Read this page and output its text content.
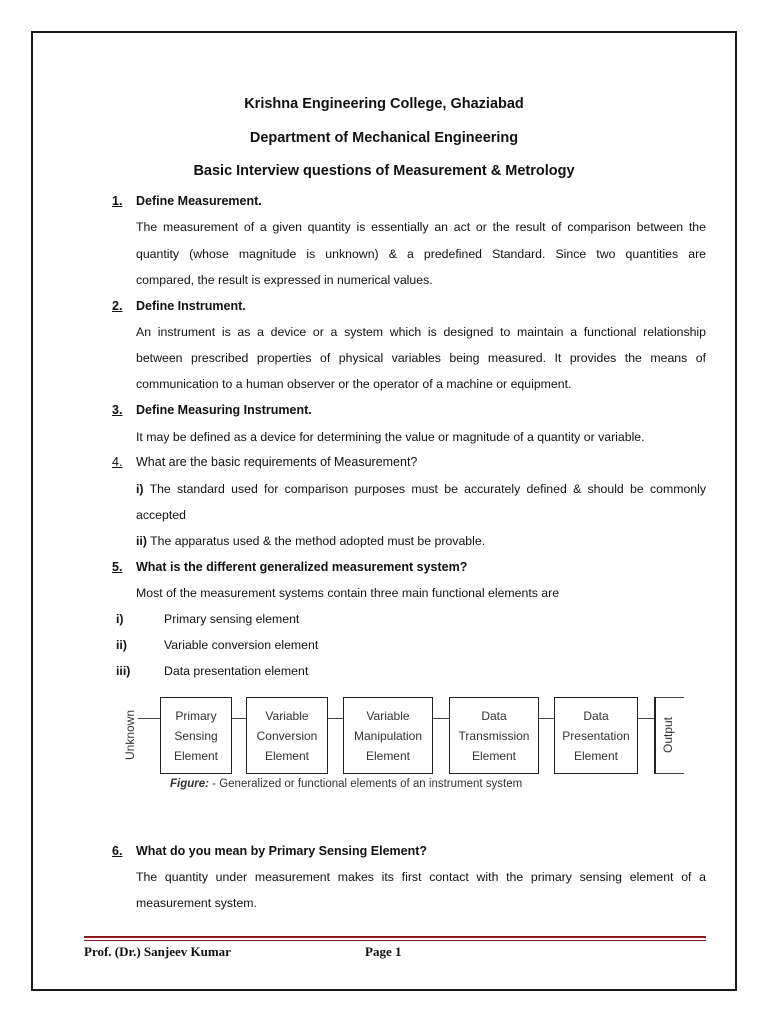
Krishna Engineering College, Ghaziabad
Department of Mechanical Engineering
Basic Interview questions of Measurement & Metrology
1. Define Measurement.
The measurement of a given quantity is essentially an act or the result of comparison between the
quantity (whose magnitude is unknown) & a predefined Standard. Since two quantities are
compared, the result is expressed in numerical values.
2. Define Instrument.
An instrument is as a device or a system which is designed to maintain a functional relationship
between prescribed properties of physical variables being measured. It provides the means of
communication to a human observer or the operator of a machine or equipment.
3. Define Measuring Instrument.
It may be defined as a device for determining the value or magnitude of a quantity or variable.
4. What are the basic requirements of Measurement?
i) The standard used for comparison purposes must be accurately defined & should be commonly
accepted
ii) The apparatus used & the method adopted must be provable.
5. What is the different generalized measurement system?
Most of the measurement systems contain three main functional elements are
i)	Primary sensing element
ii)	Variable conversion element
iii)	Data presentation element
Unknown	Primary
Sensing
Element
Variable
Conversion
Element
Variable
Manipulation
Element
Data
Transmission
Element
Data
Presentation
Element
Output
Figure: - Generalized or functional elements of an instrument system
6. What do you mean by Primary Sensing Element?
The quantity under measurement makes its first contact with the primary sensing element of a
measurement system.
Prof. (Dr.) Sanjeev Kumar	Page 1
